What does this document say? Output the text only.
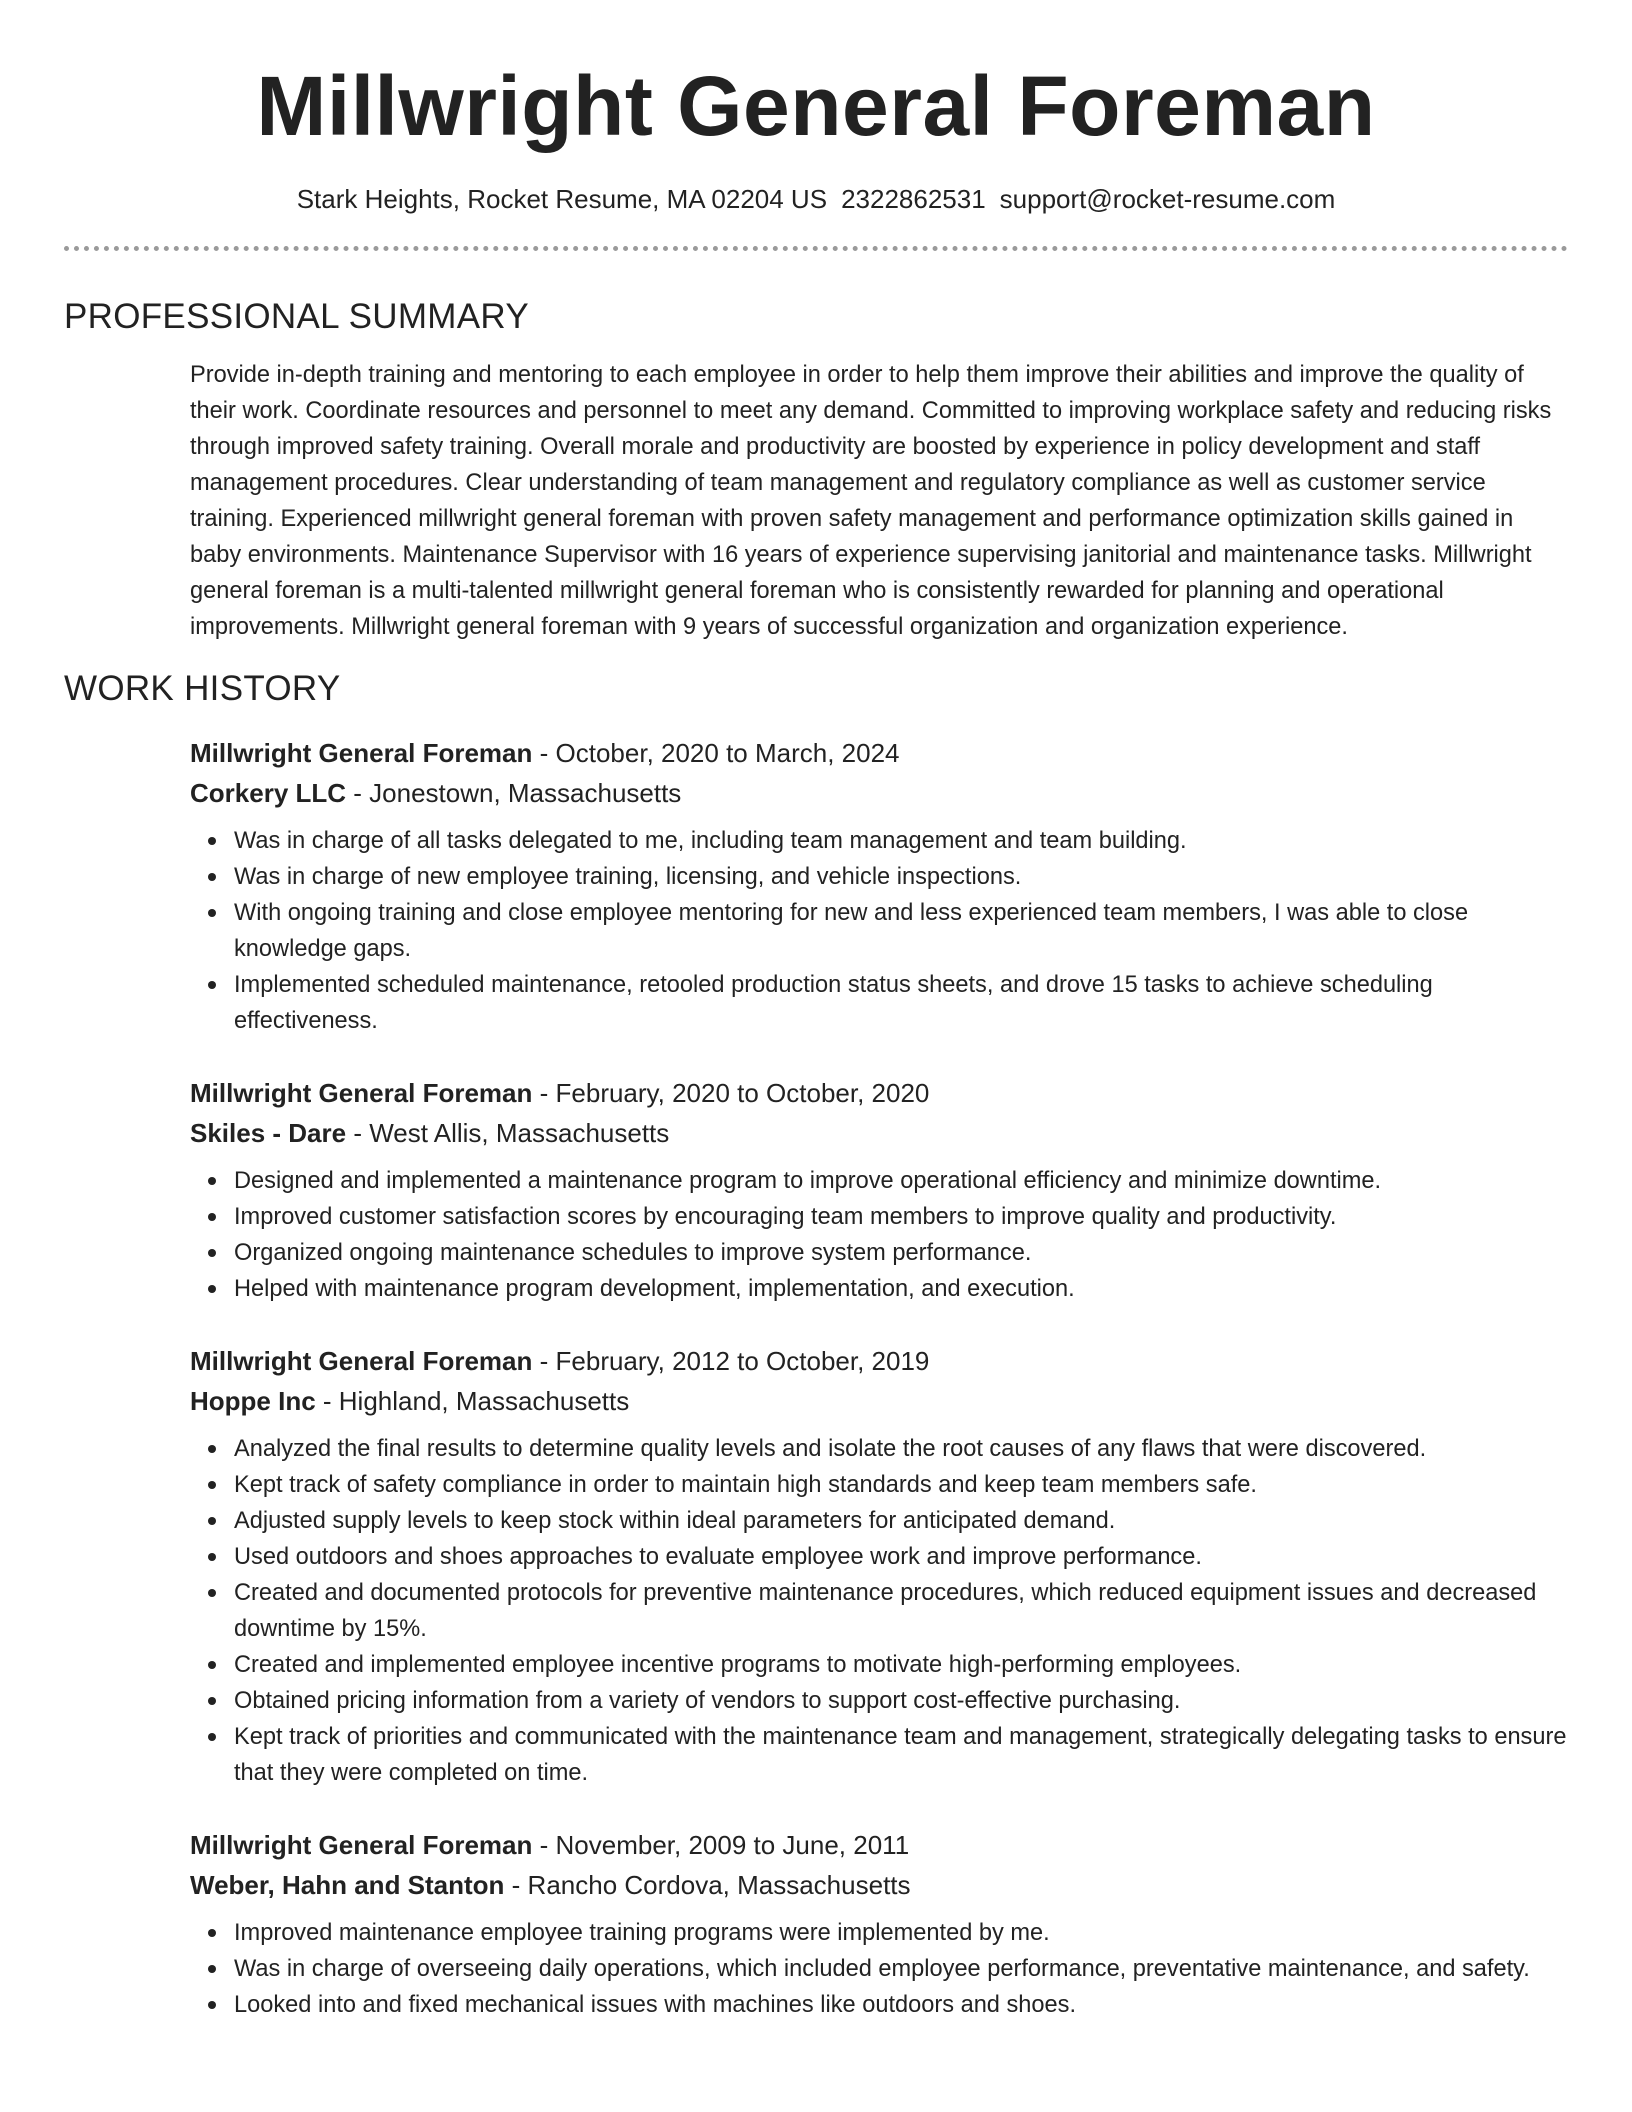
Millwright General Foreman
Stark Heights, Rocket Resume, MA 02204 US 2322862531 support@rocket-resume.com
PROFESSIONAL SUMMARY

Provide in-depth training and mentoring to each employee in order to help them improve their abilities and improve the quality of their work. Coordinate resources and personnel to meet any demand. Committed to improving workplace safety and reducing risks through improved safety training. Overall morale and productivity are boosted by experience in policy development and staff management procedures. Clear understanding of team management and regulatory compliance as well as customer service training. Experienced millwright general foreman with proven safety management and performance optimization skills gained in baby environments. Maintenance Supervisor with 16 years of experience supervising janitorial and maintenance tasks. Millwright general foreman is a multi-talented millwright general foreman who is consistently rewarded for planning and operational improvements. Millwright general foreman with 9 years of successful organization and organization experience.

WORK HISTORY
Millwright General Foreman - October, 2020 to March, 2024
Corkery LLC - Jonestown, Massachusetts
Was in charge of all tasks delegated to me, including team management and team building.
Was in charge of new employee training, licensing, and vehicle inspections.
With ongoing training and close employee mentoring for new and less experienced team members, I was able to close knowledge gaps.
Implemented scheduled maintenance, retooled production status sheets, and drove 15 tasks to achieve scheduling effectiveness.
Millwright General Foreman - February, 2020 to October, 2020
Skiles - Dare - West Allis, Massachusetts
Designed and implemented a maintenance program to improve operational efficiency and minimize downtime.
Improved customer satisfaction scores by encouraging team members to improve quality and productivity.
Organized ongoing maintenance schedules to improve system performance.
Helped with maintenance program development, implementation, and execution.
Millwright General Foreman - February, 2012 to October, 2019
Hoppe Inc - Highland, Massachusetts
Analyzed the final results to determine quality levels and isolate the root causes of any flaws that were discovered.
Kept track of safety compliance in order to maintain high standards and keep team members safe.
Adjusted supply levels to keep stock within ideal parameters for anticipated demand.
Used outdoors and shoes approaches to evaluate employee work and improve performance.
Created and documented protocols for preventive maintenance procedures, which reduced equipment issues and decreased downtime by 15%.
Created and implemented employee incentive programs to motivate high-performing employees.
Obtained pricing information from a variety of vendors to support cost-effective purchasing.
Kept track of priorities and communicated with the maintenance team and management, strategically delegating tasks to ensure that they were completed on time.
Millwright General Foreman - November, 2009 to June, 2011
Weber, Hahn and Stanton - Rancho Cordova, Massachusetts
Improved maintenance employee training programs were implemented by me.
Was in charge of overseeing daily operations, which included employee performance, preventative maintenance, and safety.
Looked into and fixed mechanical issues with machines like outdoors and shoes.
